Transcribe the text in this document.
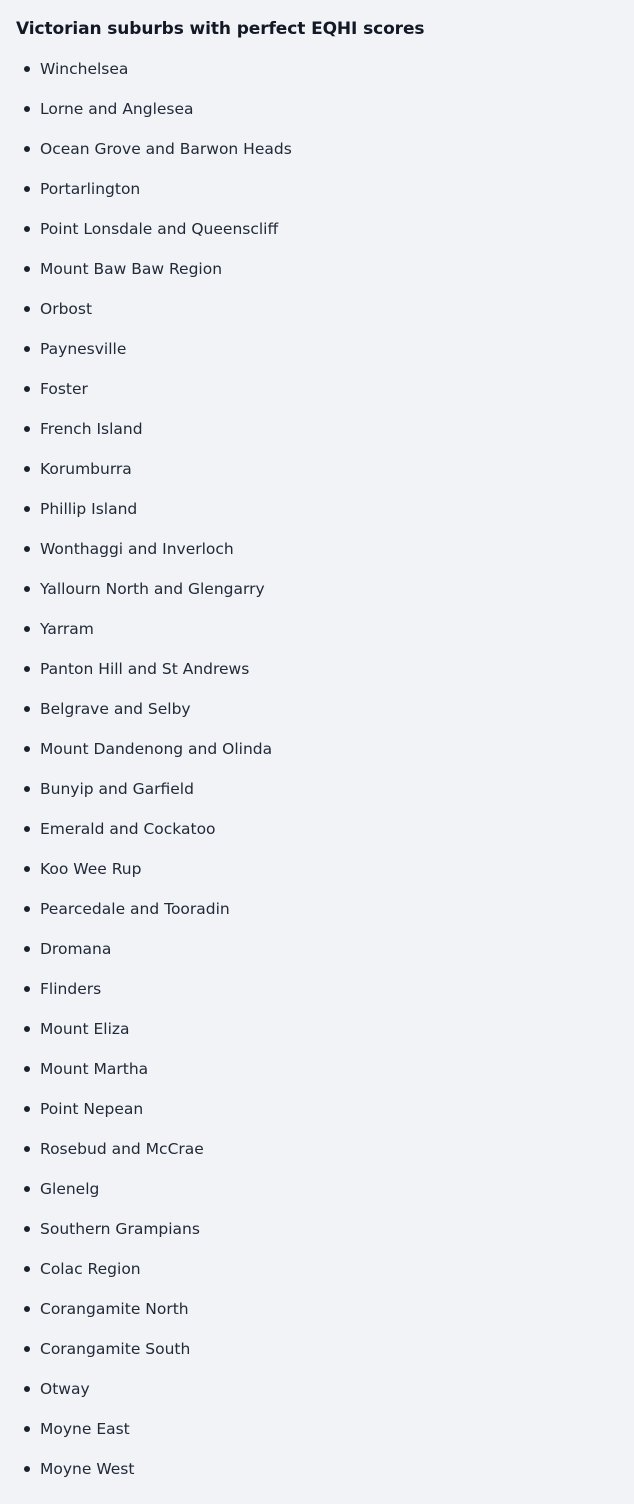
Victorian suburbs with perfect EQHI scores
Winchelsea
Lorne and Anglesea
Ocean Grove and Barwon Heads
Portarlington
Point Lonsdale and Queenscliff
Mount Baw Baw Region
Orbost
Paynesville
Foster
French Island
Korumburra
Phillip Island
Wonthaggi and Inverloch
Yallourn North and Glengarry
Yarram
Panton Hill and St Andrews
Belgrave and Selby
Mount Dandenong and Olinda
Bunyip and Garfield
Emerald and Cockatoo
Koo Wee Rup
Pearcedale and Tooradin
Dromana
Flinders
Mount Eliza
Mount Martha
Point Nepean
Rosebud and McCrae
Glenelg
Southern Grampians
Colac Region
Corangamite North
Corangamite South
Otway
Moyne East
Moyne West
